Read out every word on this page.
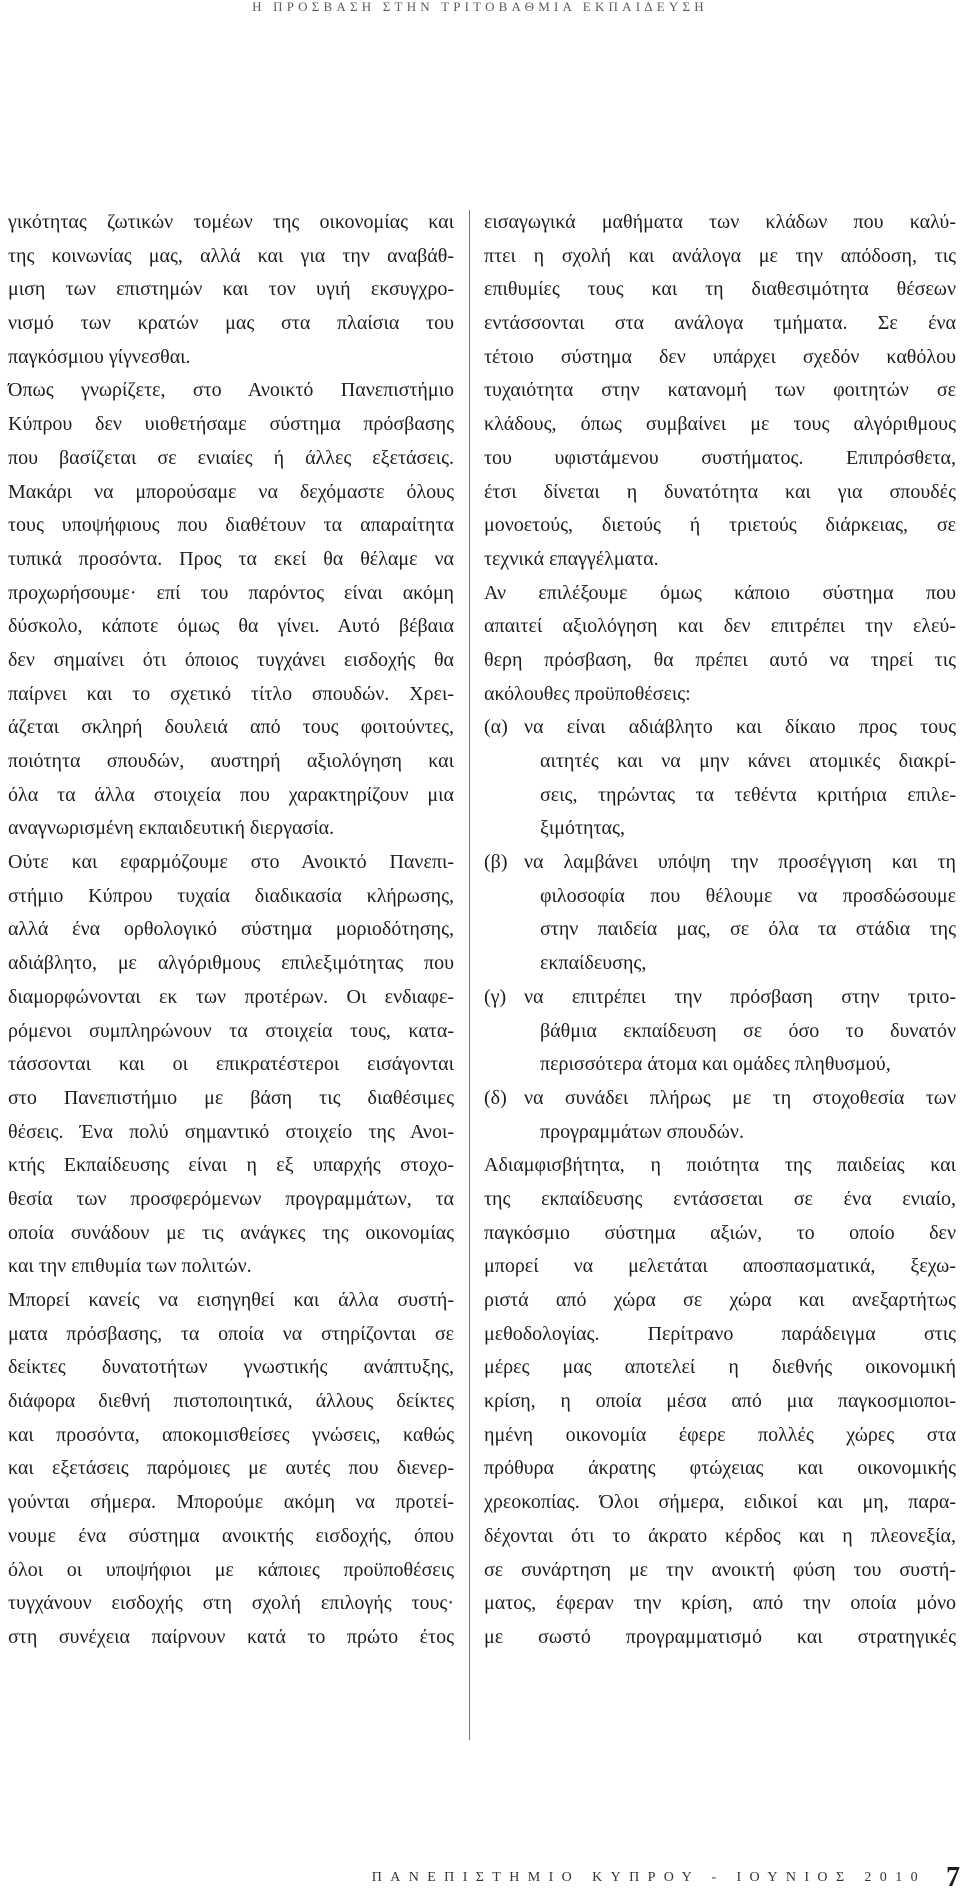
Η ΠΡΟΣΒΑΣΗ ΣΤΗΝ ΤΡΙΤΟΒΑΘΜΙΑ ΕΚΠΑΙΔΕΥΣΗ
γικότητας ζωτικών τομέων της οικονομίας και
της κοινωνίας μας, αλλά και για την αναβάθ-
μιση των επιστημών και τον υγιή εκσυγχρο-
νισμό των κρατών μας στα πλαίσια του
παγκόσμιου γίγνεσθαι.
Όπως γνωρίζετε, στο Ανοικτό Πανεπιστήμιο
Κύπρου δεν υιοθετήσαμε σύστημα πρόσβασης
που βασίζεται σε ενιαίες ή άλλες εξετάσεις.
Μακάρι να μπορούσαμε να δεχόμαστε όλους
τους υποψήφιους που διαθέτουν τα απαραίτητα
τυπικά προσόντα. Προς τα εκεί θα θέλαμε να
προχωρήσουμε· επί του παρόντος είναι ακόμη
δύσκολο, κάποτε όμως θα γίνει. Αυτό βέβαια
δεν σημαίνει ότι όποιος τυγχάνει εισδοχής θα
παίρνει και το σχετικό τίτλο σπουδών. Χρει-
άζεται σκληρή δουλειά από τους φοιτούντες,
ποιότητα σπουδών, αυστηρή αξιολόγηση και
όλα τα άλλα στοιχεία που χαρακτηρίζουν μια
αναγνωρισμένη εκπαιδευτική διεργασία.
Ούτε και εφαρμόζουμε στο Ανοικτό Πανεπι-
στήμιο Κύπρου τυχαία διαδικασία κλήρωσης,
αλλά ένα ορθολογικό σύστημα μοριοδότησης,
αδιάβλητο, με αλγόριθμους επιλεξιμότητας που
διαμορφώνονται εκ των προτέρων. Οι ενδιαφε-
ρόμενοι συμπληρώνουν τα στοιχεία τους, κατα-
τάσσονται και οι επικρατέστεροι εισάγονται
στο Πανεπιστήμιο με βάση τις διαθέσιμες
θέσεις. Ένα πολύ σημαντικό στοιχείο της Ανοι-
κτής Εκπαίδευσης είναι η εξ υπαρχής στοχο-
θεσία των προσφερόμενων προγραμμάτων, τα
οποία συνάδουν με τις ανάγκες της οικονομίας
και την επιθυμία των πολιτών.
Μπορεί κανείς να εισηγηθεί και άλλα συστή-
ματα πρόσβασης, τα οποία να στηρίζονται σε
δείκτες δυνατοτήτων γνωστικής ανάπτυξης,
διάφορα διεθνή πιστοποιητικά, άλλους δείκτες
και προσόντα, αποκομισθείσες γνώσεις, καθώς
και εξετάσεις παρόμοιες με αυτές που διενερ-
γούνται σήμερα. Μπορούμε ακόμη να προτεί-
νουμε ένα σύστημα ανοικτής εισδοχής, όπου
όλοι οι υποψήφιοι με κάποιες προϋποθέσεις
τυγχάνουν εισδοχής στη σχολή επιλογής τους·
στη συνέχεια παίρνουν κατά το πρώτο έτος
εισαγωγικά μαθήματα των κλάδων που καλύ-
πτει η σχολή και ανάλογα με την απόδοση, τις
επιθυμίες τους και τη διαθεσιμότητα θέσεων
εντάσσονται στα ανάλογα τμήματα. Σε ένα
τέτοιο σύστημα δεν υπάρχει σχεδόν καθόλου
τυχαιότητα στην κατανομή των φοιτητών σε
κλάδους, όπως συμβαίνει με τους αλγόριθμους
του υφιστάμενου συστήματος. Επιπρόσθετα,
έτσι δίνεται η δυνατότητα και για σπουδές
μονοετούς, διετούς ή τριετούς διάρκειας, σε
τεχνικά επαγγέλματα.
Αν επιλέξουμε όμως κάποιο σύστημα που
απαιτεί αξιολόγηση και δεν επιτρέπει την ελεύ-
θερη πρόσβαση, θα πρέπει αυτό να τηρεί τις
ακόλουθες προϋποθέσεις:
(α) να είναι αδιάβλητο και δίκαιο προς τους
αιτητές και να μην κάνει ατομικές διακρί-
σεις, τηρώντας τα τεθέντα κριτήρια επιλε-
ξιμότητας,
(β) να λαμβάνει υπόψη την προσέγγιση και τη
φιλοσοφία που θέλουμε να προσδώσουμε
στην παιδεία μας, σε όλα τα στάδια της
εκπαίδευσης,
(γ) να επιτρέπει την πρόσβαση στην τριτο-
βάθμια εκπαίδευση σε όσο το δυνατόν
περισσότερα άτομα και ομάδες πληθυσμού,
(δ) να συνάδει πλήρως με τη στοχοθεσία των
προγραμμάτων σπουδών.
Αδιαμφισβήτητα, η ποιότητα της παιδείας και
της εκπαίδευσης εντάσσεται σε ένα ενιαίο,
παγκόσμιο σύστημα αξιών, το οποίο δεν
μπορεί να μελετάται αποσπασματικά, ξεχω-
ριστά από χώρα σε χώρα και ανεξαρτήτως
μεθοδολογίας. Περίτρανο παράδειγμα στις
μέρες μας αποτελεί η διεθνής οικονομική
κρίση, η οποία μέσα από μια παγκοσμιοποι-
ημένη οικονομία έφερε πολλές χώρες στα
πρόθυρα άκρατης φτώχειας και οικονομικής
χρεοκοπίας. Όλοι σήμερα, ειδικοί και μη, παρα-
δέχονται ότι το άκρατο κέρδος και η πλεονεξία,
σε συνάρτηση με την ανοικτή φύση του συστή-
ματος, έφεραν την κρίση, από την οποία μόνο
με σωστό προγραμματισμό και στρατηγικές
ΠΑΝΕΠΙΣΤΗΜΙΟ ΚΥΠΡΟΥ - ΙΟΥΝΙΟΣ 2010 7
